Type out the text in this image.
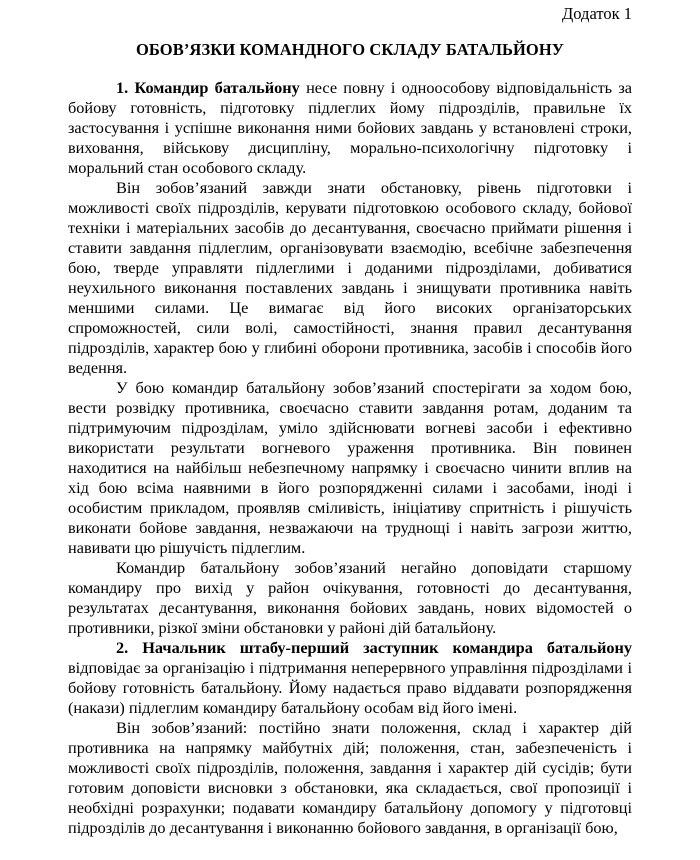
Додаток 1
ОБОВ’ЯЗКИ КОМАНДНОГО СКЛАДУ БАТАЛЬЙОНУ

1. Командир батальйону несе повну і одноособову відповідальність за бойову готовність, підготовку підлеглих йому підрозділів, правильне їх застосування і успішне виконання ними бойових завдань у встановлені строки, виховання, військову дисципліну, морально-психологічну підготовку і моральний стан особового складу.

Він зобов’язаний завжди знати обстановку, рівень підготовки і можливості своїх підрозділів, керувати підготовкою особового складу, бойової техніки і матеріальних засобів до десантування, своєчасно приймати рішення і ставити завдання підлеглим, організовувати взаємодію, всебічне забезпечення бою, тверде управляти підлеглими і доданими підрозділами, добиватися неухильного виконання поставлених завдань і знищувати противника навіть меншими силами. Це вимагає від його високих організаторських спроможностей, сили волі, самостійності, знання правил десантування підрозділів, характер бою у глибині оборони противника, засобів і способів його ведення.

У бою командир батальйону зобов’язаний спостерігати за ходом бою, вести розвідку противника, своєчасно ставити завдання ротам, доданим та підтримуючим підрозділам, уміло здійснювати вогневі засоби і ефективно використати результати вогневого ураження противника. Він повинен находитися на найбільш небезпечному напрямку і своєчасно чинити вплив на хід бою всіма наявними в його розпорядженні силами і засобами, іноді і особистим прикладом, проявляв сміливість, ініціативу спритність і рішучість виконати бойове завдання, незважаючи на труднощі і навіть загрози життю, навивати цю рішучість підлеглим.

Командир батальйону зобов’язаний негайно доповідати старшому командиру про вихід у район очікування, готовності до десантування, результатах десантування, виконання бойових завдань, нових відомостей о противники, різкої зміни обстановки у районі дій батальйону.

2. Начальник штабу-перший заступник командира батальйону відповідає за організацію і підтримання неперервного управління підрозділами і бойову готовність батальйону. Йому надається право віддавати розпорядження (накази) підлеглим командиру батальйону особам від його імені.

Він зобов’язаний: постійно знати положення, склад і характер дій противника на напрямку майбутніх дій; положення, стан, забезпеченість і можливості своїх підрозділів, положення, завдання і характер дій сусідів; бути готовим доповісти висновки з обстановки, яка складається, свої пропозиції і необхідні розрахунки; подавати командиру батальйону допомогу у підготовці підрозділів до десантування і виконанню бойового завдання, в організації бою,
